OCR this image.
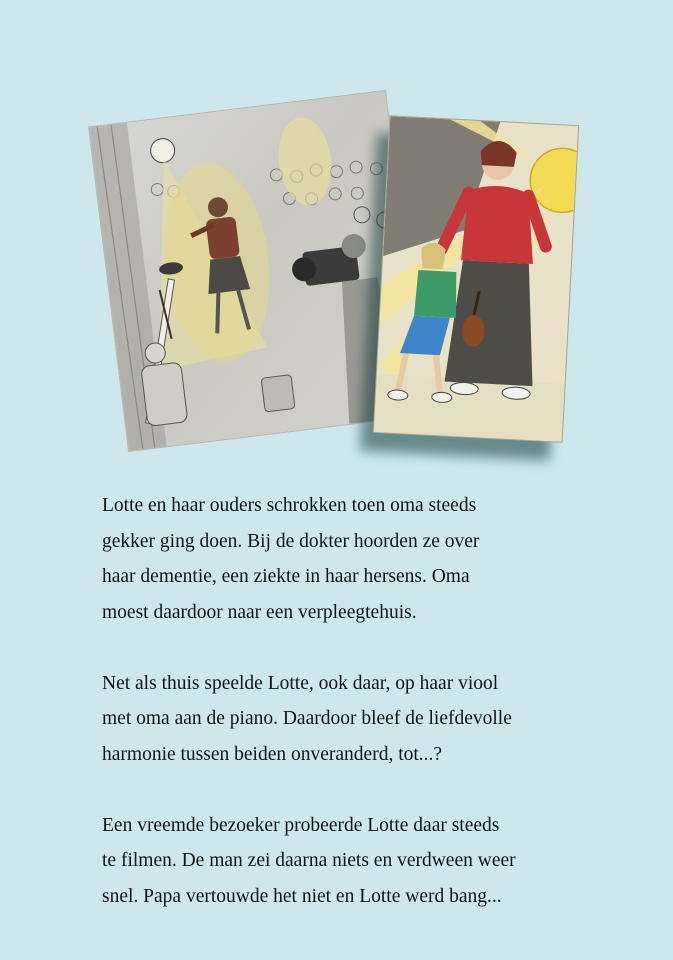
Lotte en haar ouders schrokken toen oma steeds
gekker ging doen. Bij de dokter hoorden ze over
haar dementie, een ziekte in haar hersens. Oma
moest daardoor naar een verpleegtehuis.

Net als thuis speelde Lotte, ook daar, op haar viool
met oma aan de piano. Daardoor bleef de liefdevolle
harmonie tussen beiden onveranderd, tot...?

Een vreemde bezoeker probeerde Lotte daar steeds
te filmen. De man zei daarna niets en verdween weer
snel. Papa vertouwde het niet en Lotte werd bang...
